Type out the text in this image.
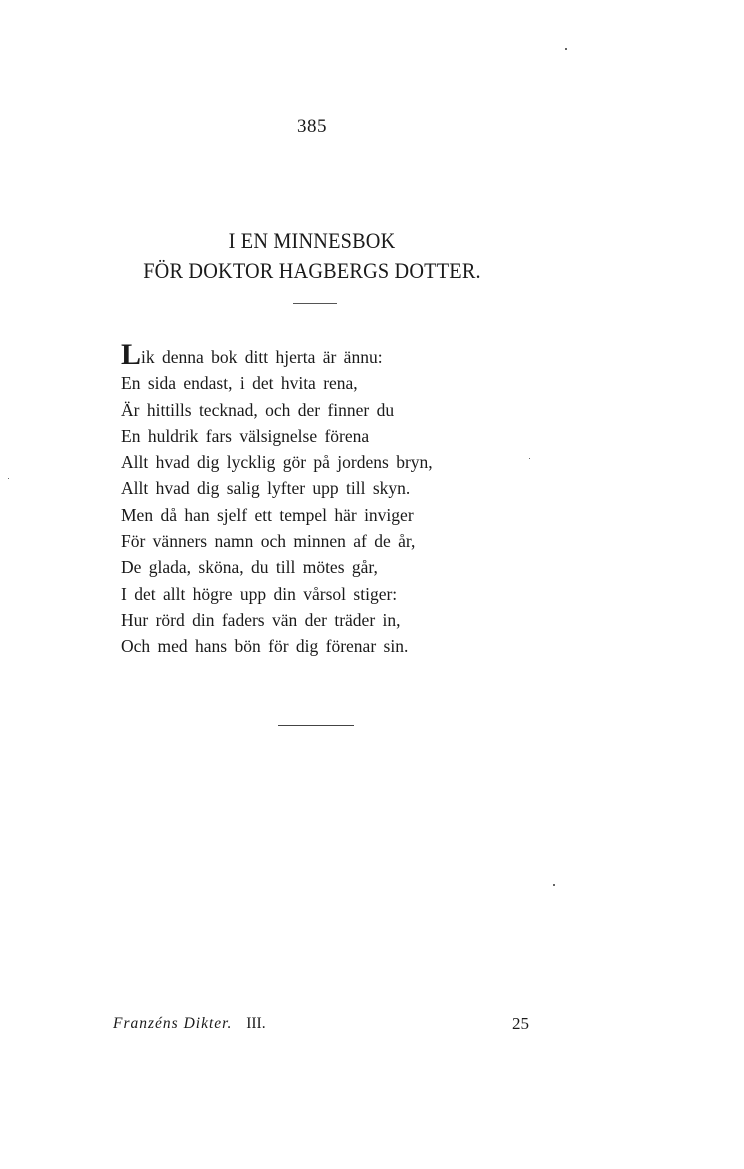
385
I EN MINNESBOK
FÖR DOKTOR HAGBERGS DOTTER.
Lik denna bok ditt hjerta är ännu:
En sida endast, i det hvita rena,
Är hittills tecknad, och der finner du
En huldrik fars välsignelse förena
Allt hvad dig lycklig gör på jordens bryn,
Allt hvad dig salig lyfter upp till skyn.
Men då han sjelf ett tempel här inviger
För vänners namn och minnen af de år,
De glada, sköna, du till mötes går,
I det allt högre upp din vårsol stiger:
Hur rörd din faders vän der träder in,
Och med hans bön för dig förenar sin.
Franzéns Dikter. III.	25
